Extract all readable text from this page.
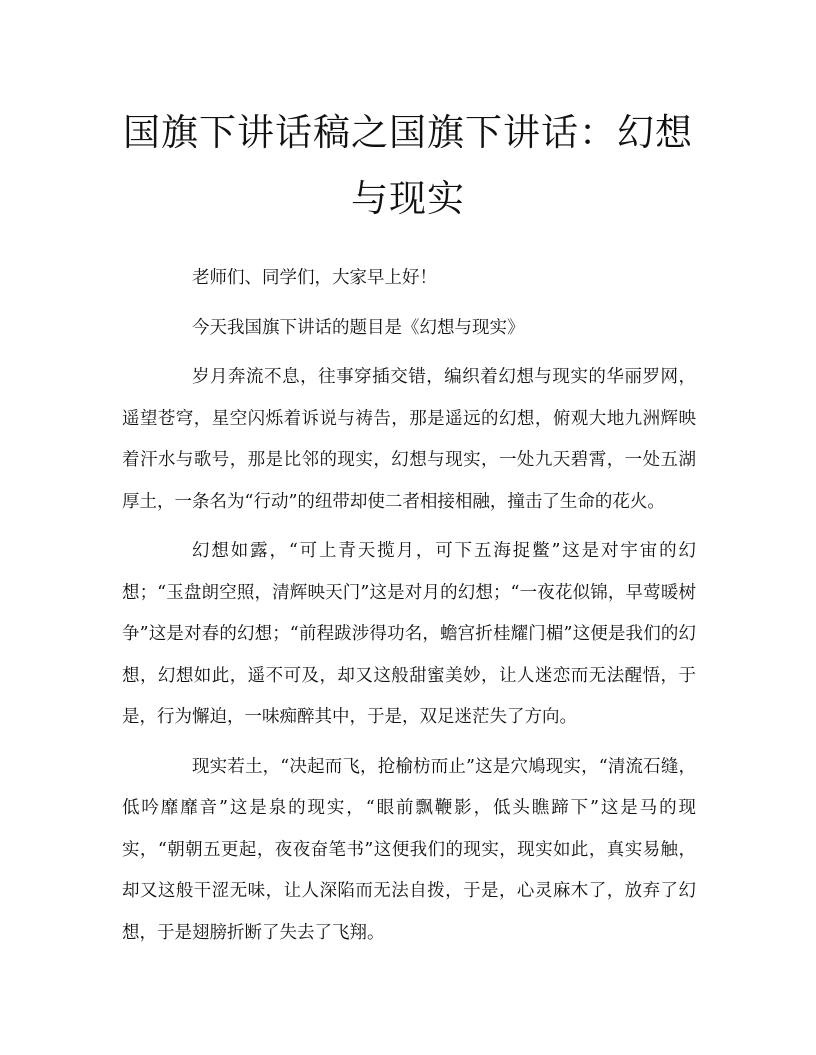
国旗下讲话稿之国旗下讲话：幻想与现实

老师们、同学们，大家早上好！

今天我国旗下讲话的题目是《幻想与现实》

岁月奔流不息，往事穿插交错，编织着幻想与现实的华丽罗网，遥望苍穹，星空闪烁着诉说与祷告，那是遥远的幻想，俯观大地九洲辉映着汗水与歌号，那是比邻的现实，幻想与现实，一处九天碧霄，一处五湖厚土，一条名为“行动”的纽带却使二者相接相融，撞击了生命的花火。

幻想如露，“可上青天揽月，可下五海捉鳖”这是对宇宙的幻想；“玉盘朗空照，清辉映天门”这是对月的幻想；“一夜花似锦，早莺暖树争”这是对春的幻想；“前程跋涉得功名，蟾宫折桂耀门楣”这便是我们的幻想，幻想如此，遥不可及，却又这般甜蜜美妙，让人迷恋而无法醒悟，于是，行为懈迫，一味痴醉其中，于是，双足迷茫失了方向。

现实若土，“决起而飞，抢榆枋而止”这是穴鳩现实，“清流石缝，低吟靡靡音”这是泉的现实，“眼前飘鞭影，低头瞧蹄下”这是马的现实，“朝朝五更起，夜夜奋笔书”这便我们的现实，现实如此，真实易触，却又这般干涩无味，让人深陷而无法自拨，于是，心灵麻木了，放弃了幻想，于是翅膀折断了失去了飞翔。
